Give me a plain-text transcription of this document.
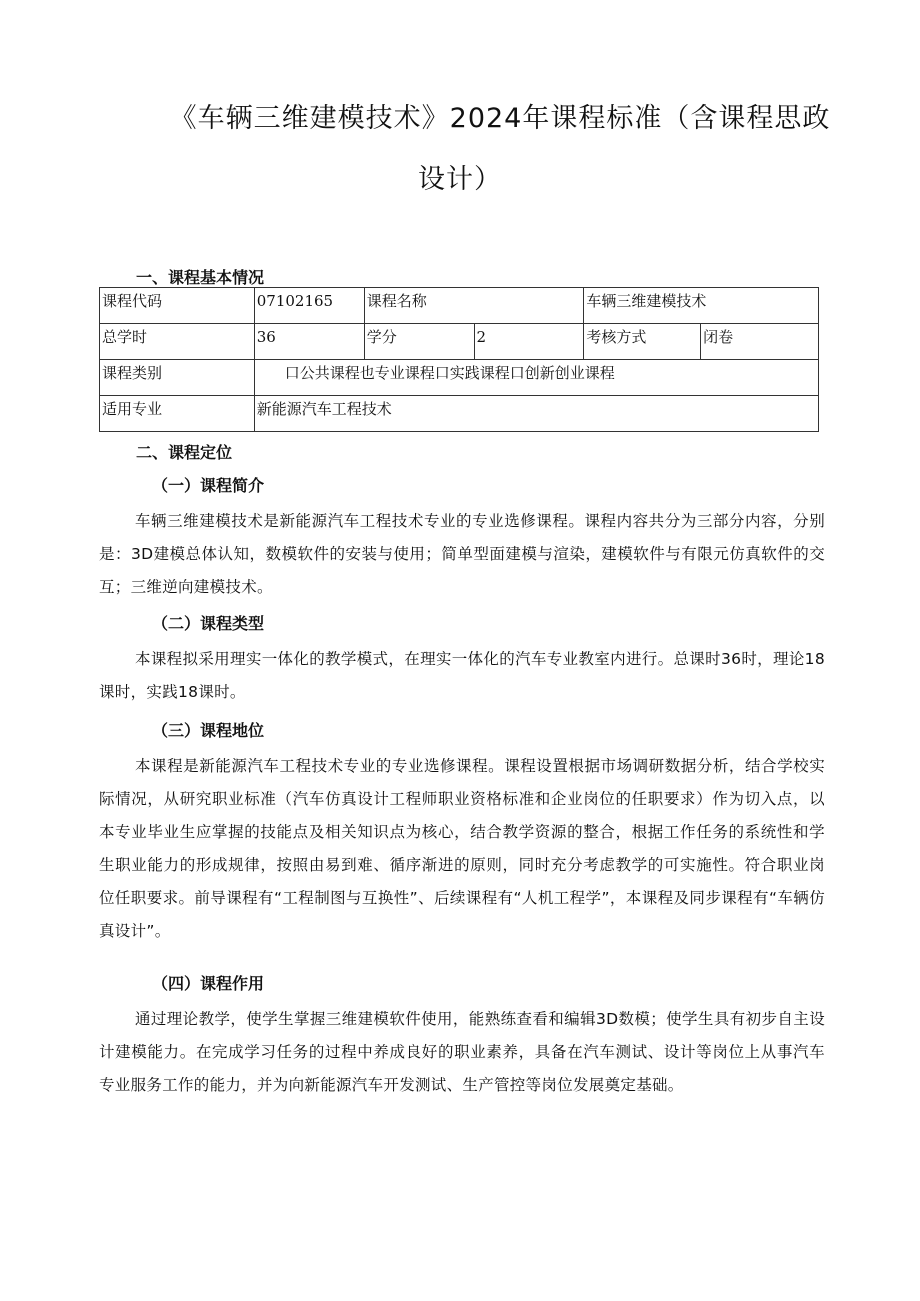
《车辆三维建模技术》2024年课程标准（含课程思政
设计）
一、课程基本情况
课程代码	07102165	课程名称		车辆三维建模技术	
总学时	36	学分	2	考核方式	闭卷
课程类别	口公共课程也专业课程口实践课程口创新创业课程				
适用专业	新能源汽车工程技术				
二、课程定位
（一）课程简介
车辆三维建模技术是新能源汽车工程技术专业的专业选修课程。课程内容共分为三部分内容，分别是：3D建模总体认知，数模软件的安装与使用；简单型面建模与渲染，建模软件与有限元仿真软件的交互；三维逆向建模技术。
（二）课程类型
本课程拟采用理实一体化的教学模式，在理实一体化的汽车专业教室内进行。总课时36时，理论18课时，实践18课时。
（三）课程地位
本课程是新能源汽车工程技术专业的专业选修课程。课程设置根据市场调研数据分析，结合学校实际情况，从研究职业标准（汽车仿真设计工程师职业资格标准和企业岗位的任职要求）作为切入点，以本专业毕业生应掌握的技能点及相关知识点为核心，结合教学资源的整合，根据工作任务的系统性和学生职业能力的形成规律，按照由易到难、循序渐进的原则，同时充分考虑教学的可实施性。符合职业岗位任职要求。前导课程有“工程制图与互换性”、后续课程有“人机工程学”，本课程及同步课程有“车辆仿真设计”。
（四）课程作用
通过理论教学，使学生掌握三维建模软件使用，能熟练查看和编辑3D数模；使学生具有初步自主设计建模能力。在完成学习任务的过程中养成良好的职业素养，具备在汽车测试、设计等岗位上从事汽车专业服务工作的能力，并为向新能源汽车开发测试、生产管控等岗位发展奠定基础。
